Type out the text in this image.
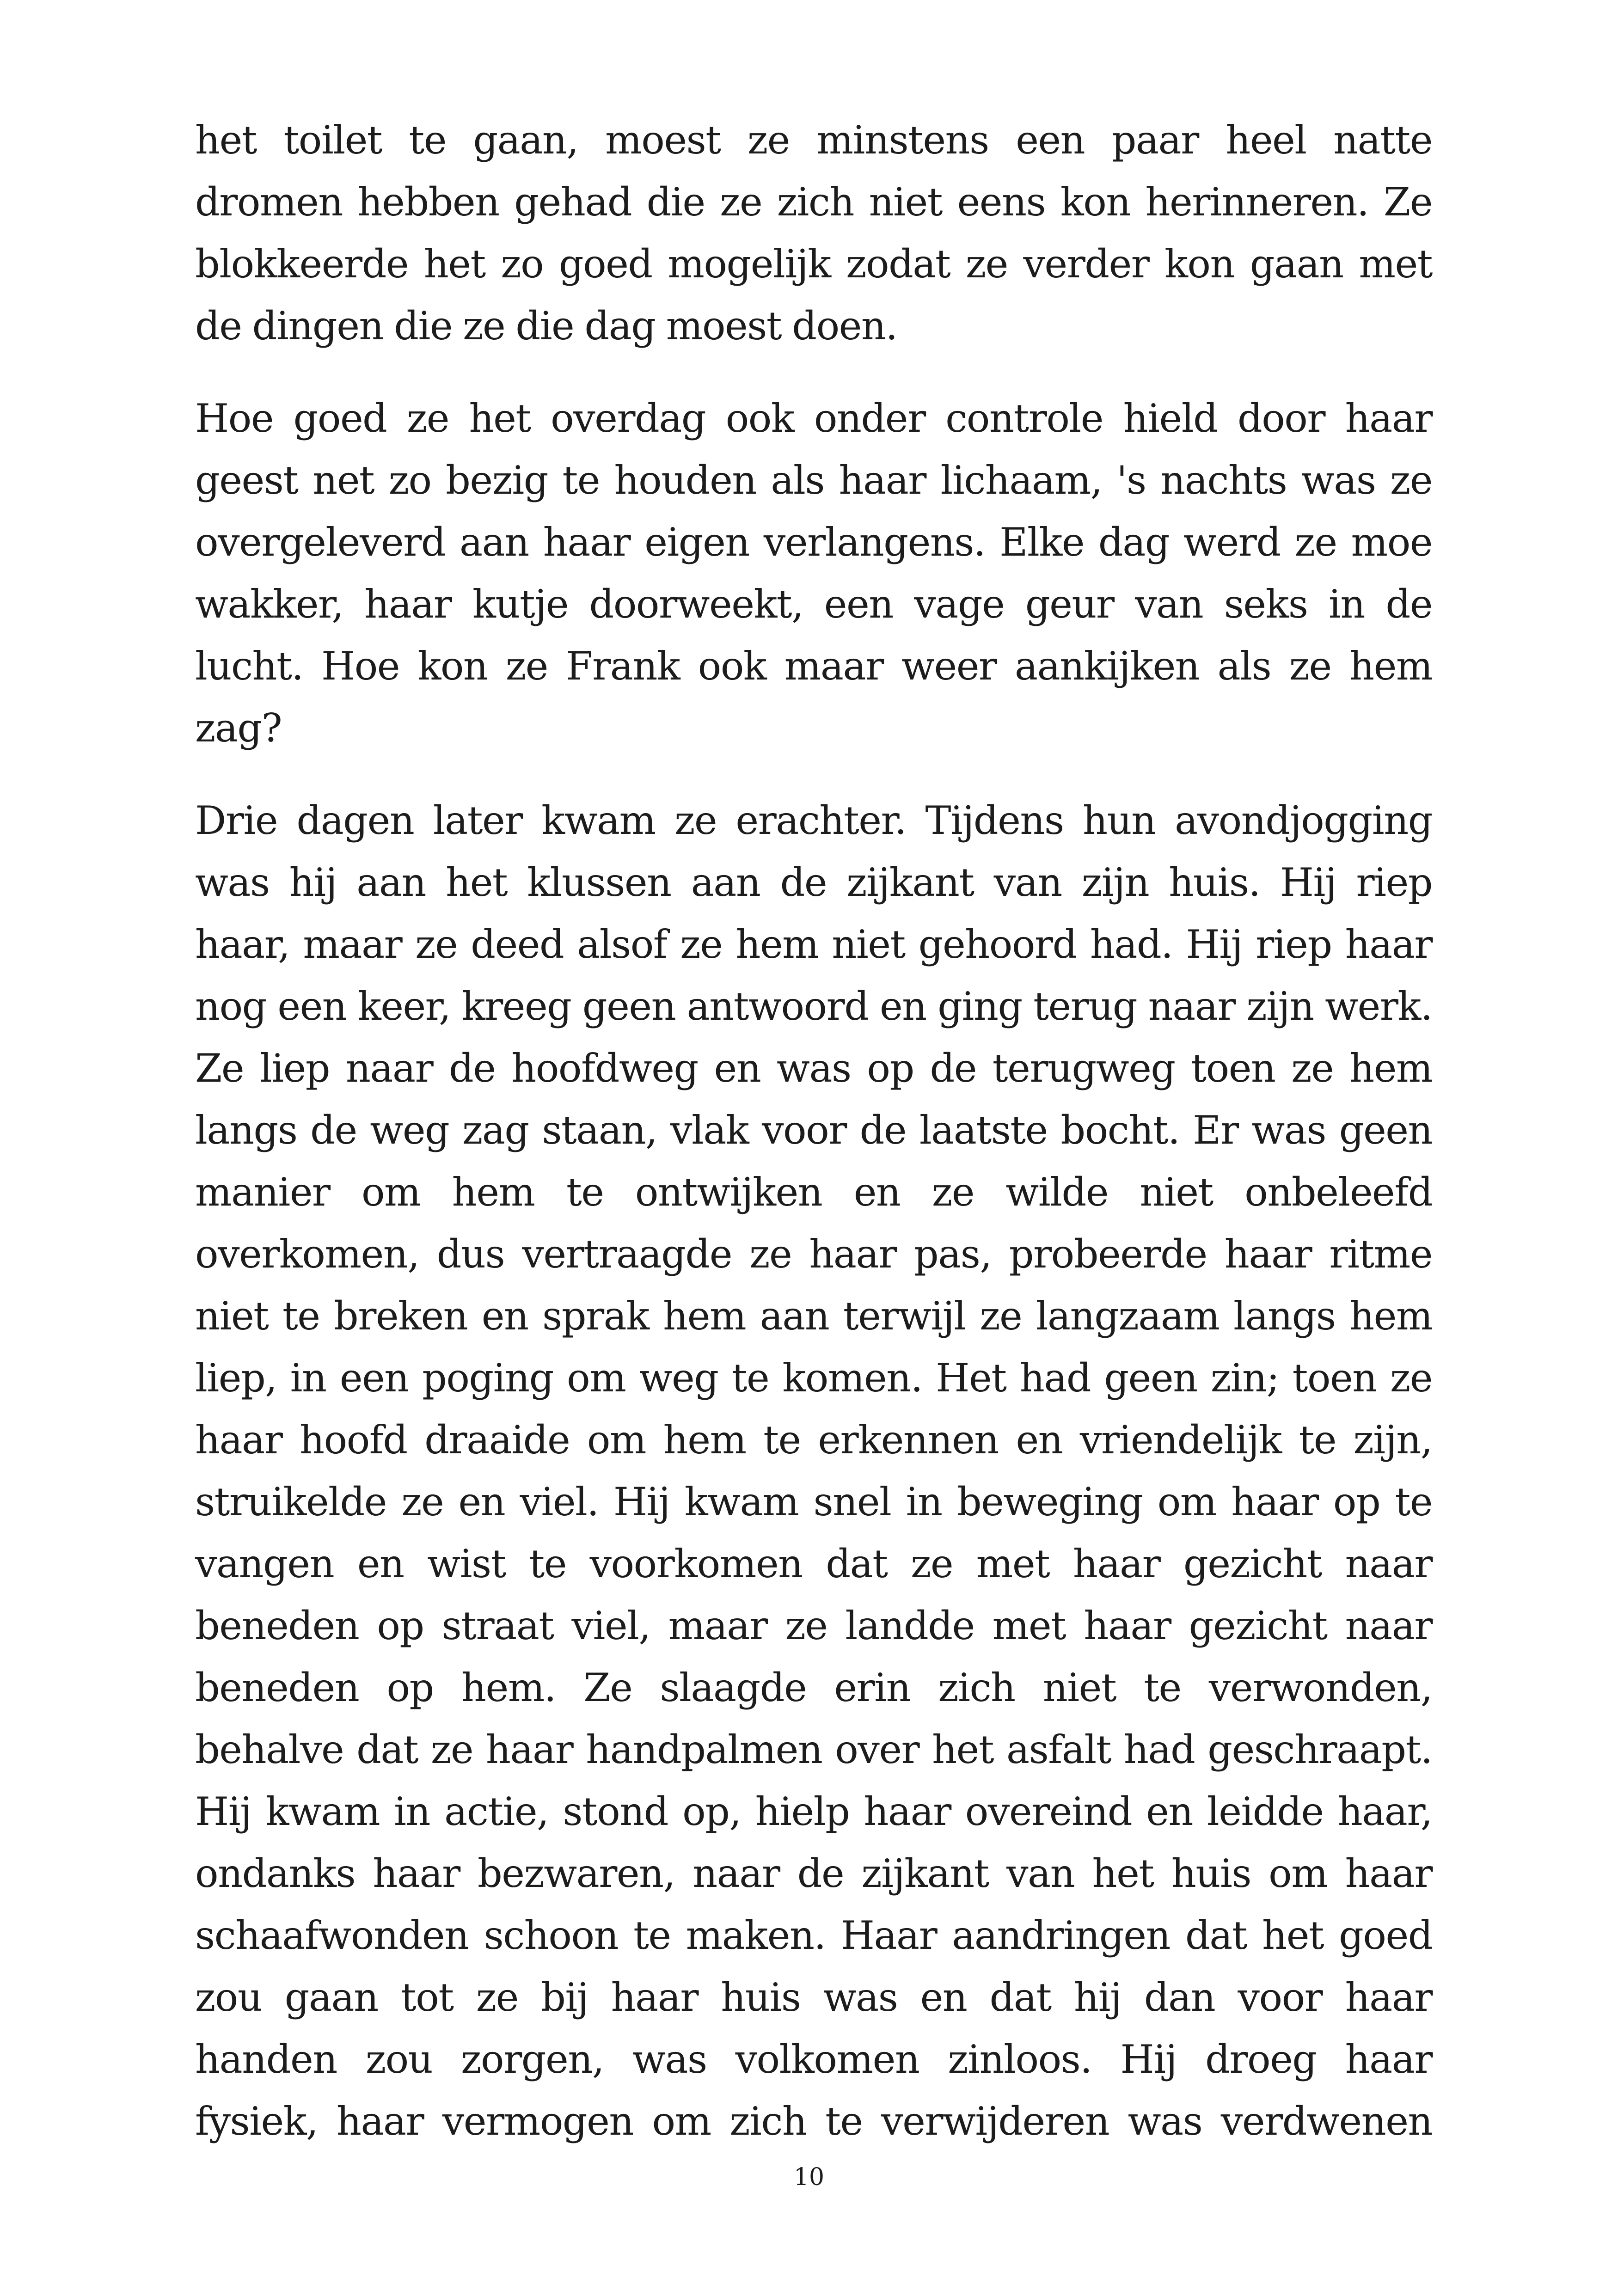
het toilet te gaan, moest ze minstens een paar heel natte
dromen hebben gehad die ze zich niet eens kon herinneren. Ze
blokkeerde het zo goed mogelijk zodat ze verder kon gaan met
de dingen die ze die dag moest doen.

Hoe goed ze het overdag ook onder controle hield door haar
geest net zo bezig te houden als haar lichaam, 's nachts was ze
overgeleverd aan haar eigen verlangens. Elke dag werd ze moe
wakker, haar kutje doorweekt, een vage geur van seks in de
lucht. Hoe kon ze Frank ook maar weer aankijken als ze hem
zag?

Drie dagen later kwam ze erachter. Tijdens hun avondjogging
was hij aan het klussen aan de zijkant van zijn huis. Hij riep
haar, maar ze deed alsof ze hem niet gehoord had. Hij riep haar
nog een keer, kreeg geen antwoord en ging terug naar zijn werk.
Ze liep naar de hoofdweg en was op de terugweg toen ze hem
langs de weg zag staan, vlak voor de laatste bocht. Er was geen
manier om hem te ontwijken en ze wilde niet onbeleefd
overkomen, dus vertraagde ze haar pas, probeerde haar ritme
niet te breken en sprak hem aan terwijl ze langzaam langs hem
liep, in een poging om weg te komen. Het had geen zin; toen ze
haar hoofd draaide om hem te erkennen en vriendelijk te zijn,
struikelde ze en viel. Hij kwam snel in beweging om haar op te
vangen en wist te voorkomen dat ze met haar gezicht naar
beneden op straat viel, maar ze landde met haar gezicht naar
beneden op hem. Ze slaagde erin zich niet te verwonden,
behalve dat ze haar handpalmen over het asfalt had geschraapt.
Hij kwam in actie, stond op, hielp haar overeind en leidde haar,
ondanks haar bezwaren, naar de zijkant van het huis om haar
schaafwonden schoon te maken. Haar aandringen dat het goed
zou gaan tot ze bij haar huis was en dat hij dan voor haar
handen zou zorgen, was volkomen zinloos. Hij droeg haar
fysiek, haar vermogen om zich te verwijderen was verdwenen

10
